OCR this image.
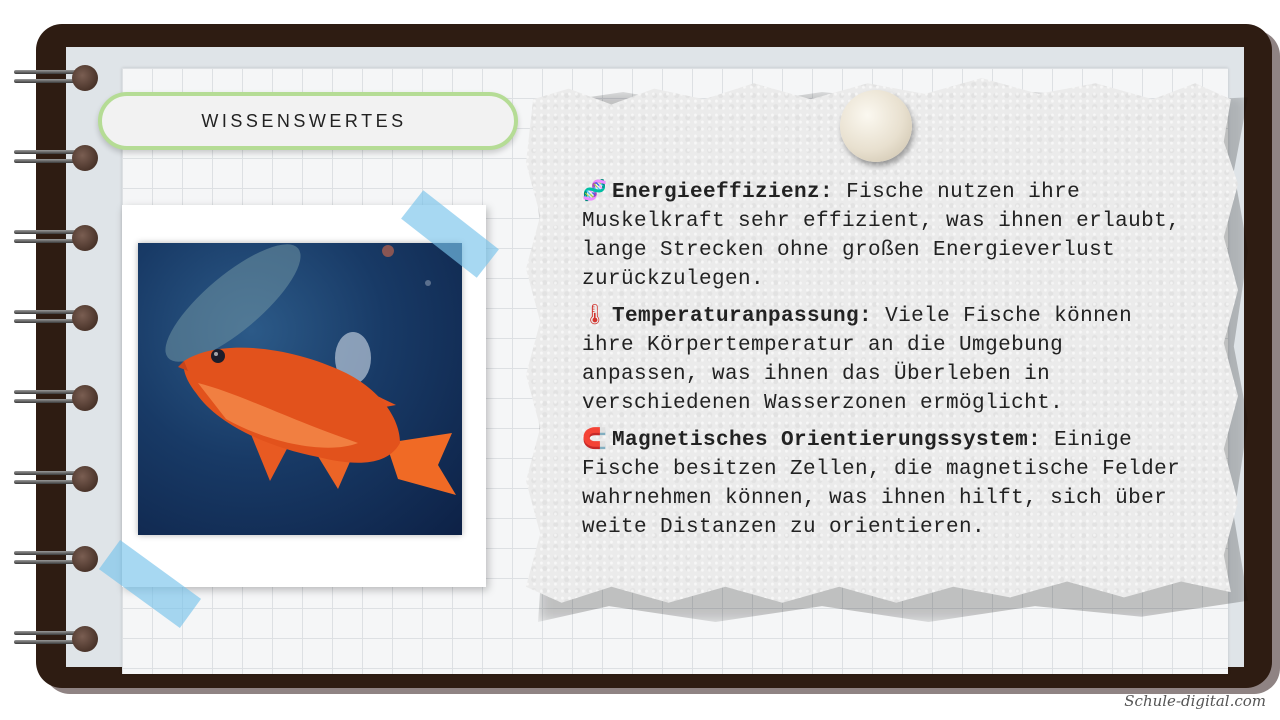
WISSENSWERTES

🧬 Energieeffizienz: Fische nutzen ihre Muskelkraft sehr effizient, was ihnen erlaubt, lange Strecken ohne großen Energieverlust zurückzulegen.

🌡 Temperaturanpassung: Viele Fische können ihre Körpertemperatur an die Umgebung anpassen, was ihnen das Überleben in verschiedenen Wasserzonen ermöglicht.

🧲 Magnetisches Orientierungssystem: Einige Fische besitzen Zellen, die magnetische Felder wahrnehmen können, was ihnen hilft, sich über weite Distanzen zu orientieren.

Schule-digital.com
